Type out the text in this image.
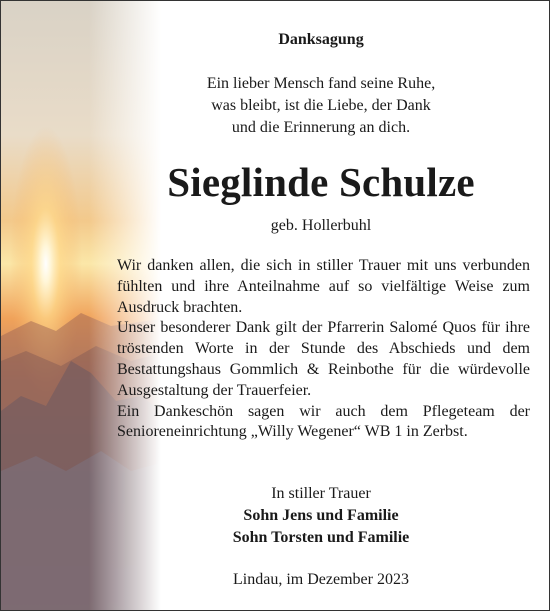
Danksagung
Ein lieber Mensch fand seine Ruhe,
was bleibt, ist die Liebe, der Dank
und die Erinnerung an dich.
Sieglinde Schulze
geb. Hollerbuhl

Wir danken allen, die sich in stiller Trauer mit uns verbunden fühlten und ihre Anteilnahme auf so vielfältige Weise zum Ausdruck brachten.

Unser besonderer Dank gilt der Pfarrerin Salomé Quos für ihre tröstenden Worte in der Stunde des Abschieds und dem Bestattungshaus Gommlich & Reinbothe für die würdevolle Ausgestaltung der Trauerfeier.

Ein Dankeschön sagen wir auch dem Pflegeteam der Senioreneinrichtung „Willy Wegener“ WB 1 in Zerbst.

In stiller Trauer
Sohn Jens und Familie
Sohn Torsten und Familie
Lindau, im Dezember 2023
